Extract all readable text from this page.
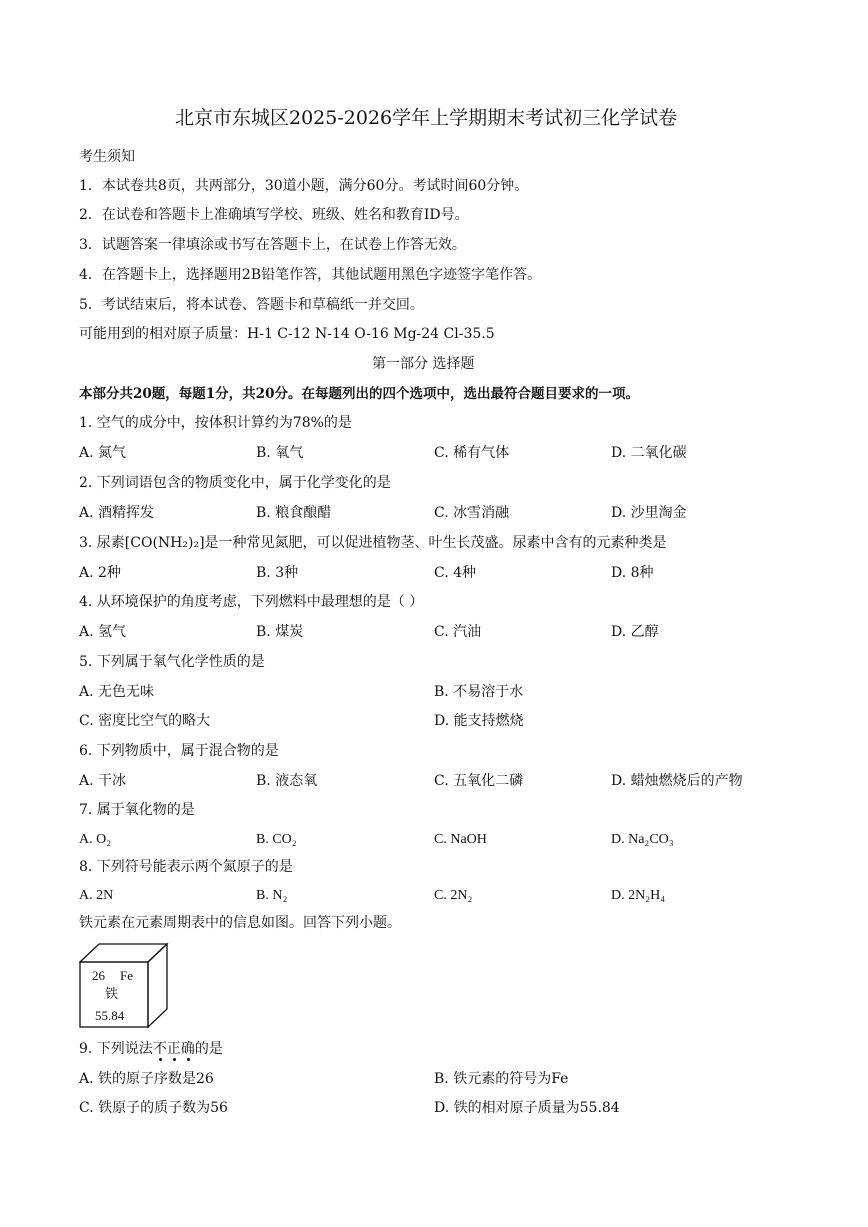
北京市东城区2025-2026学年上学期期末考试初三化学试卷
考生须知
1．本试卷共8页，共两部分，30道小题，满分60分。考试时间60分钟。
2．在试卷和答题卡上准确填写学校、班级、姓名和教育ID号。
3．试题答案一律填涂或书写在答题卡上，在试卷上作答无效。
4．在答题卡上，选择题用2B铅笔作答，其他试题用黑色字迹签字笔作答。
5．考试结束后，将本试卷、答题卡和草稿纸一并交回。
可能用到的相对原子质量：H-1 C-12 N-14 O-16 Mg-24 Cl-35.5
第一部分 选择题
本部分共20题，每题1分，共20分。在每题列出的四个选项中，选出最符合题目要求的一项。
1. 空气的成分中，按体积计算约为78%的是
A. 氮气	B. 氧气	C. 稀有气体	D. 二氧化碳
2. 下列词语包含的物质变化中，属于化学变化的是
A. 酒精挥发	B. 粮食酿醋	C. 冰雪消融	D. 沙里淘金
3. 尿素[CO(NH₂)₂]是一种常见氮肥，可以促进植物茎、叶生长茂盛。尿素中含有的元素种类是
A. 2种	B. 3种	C. 4种	D. 8种
4. 从环境保护的角度考虑，下列燃料中最理想的是（ ）
A. 氢气	B. 煤炭	C. 汽油	D. 乙醇
5. 下列属于氧气化学性质的是
A. 无色无味	B. 不易溶于水
C. 密度比空气的略大	D. 能支持燃烧
6. 下列物质中，属于混合物的是
A. 干冰	B. 液态氧	C. 五氧化二磷	D. 蜡烛燃烧后的产物
7. 属于氧化物的是
A. O₂	B. CO₂	C. NaOH	D. Na₂CO₃
8. 下列符号能表示两个氮原子的是
A. 2N	B. N₂	C. 2N₂	D. 2N₂H₄
铁元素在元素周期表中的信息如图。回答下列小题。
26 Fe
铁
55.84
9. 下列说法不正确
的是
A. 铁的原子序数是26	B. 铁元素的符号为Fe
C. 铁原子的质子数为56	D. 铁的相对原子质量为55.84
